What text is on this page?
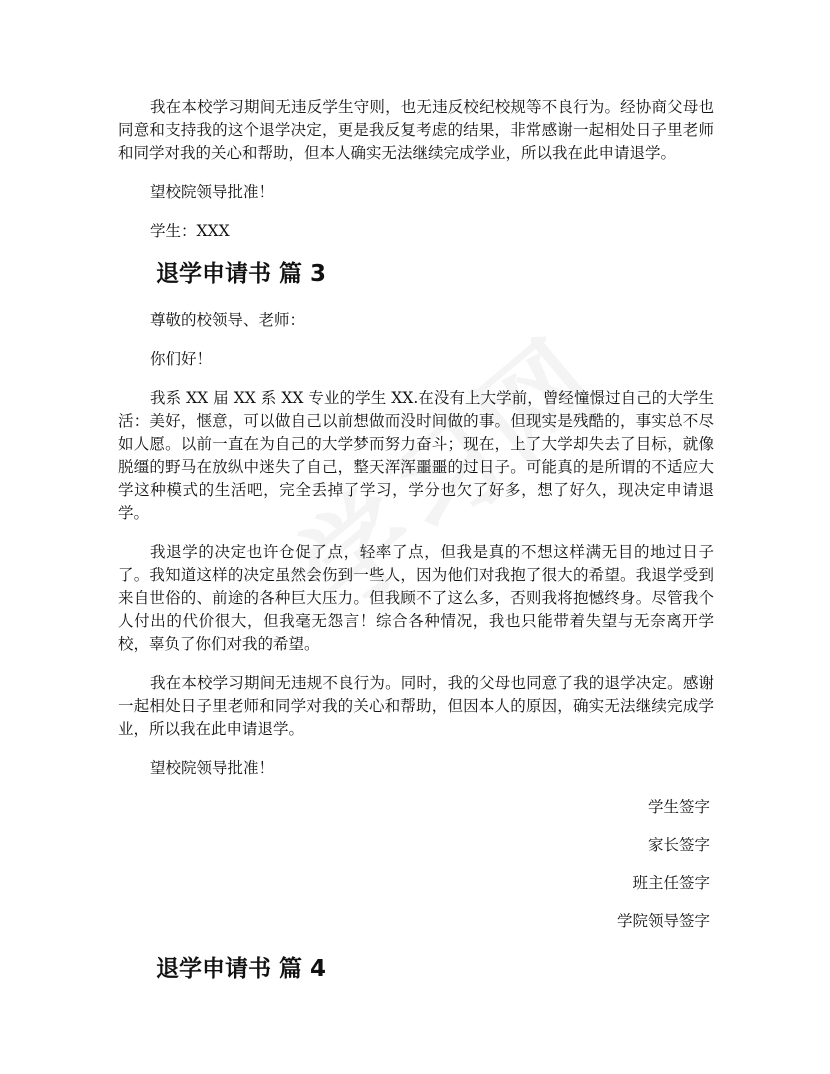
我在本校学习期间无违反学生守则，也无违反校纪校规等不良行为。经协商父母也同意和支持我的这个退学决定，更是我反复考虑的结果，非常感谢一起相处日子里老师和同学对我的关心和帮助，但本人确实无法继续完成学业，所以我在此申请退学。

望校院领导批准！

学生：XXX

退学申请书 篇 3

尊敬的校领导、老师：

你们好！

我系 XX 届 XX 系 XX 专业的学生 XX.在没有上大学前，曾经憧憬过自己的大学生活：美好，惬意，可以做自己以前想做而没时间做的事。但现实是残酷的，事实总不尽如人愿。以前一直在为自己的大学梦而努力奋斗；现在，上了大学却失去了目标，就像脱缰的野马在放纵中迷失了自己，整天浑浑噩噩的过日子。可能真的是所谓的不适应大学这种模式的生活吧，完全丢掉了学习，学分也欠了好多，想了好久，现决定申请退学。

我退学的决定也许仓促了点，轻率了点，但我是真的不想这样满无目的地过日子了。我知道这样的决定虽然会伤到一些人，因为他们对我抱了很大的希望。我退学受到来自世俗的、前途的各种巨大压力。但我顾不了这么多，否则我将抱憾终身。尽管我个人付出的代价很大，但我毫无怨言！综合各种情况，我也只能带着失望与无奈离开学校，辜负了你们对我的希望。

我在本校学习期间无违规不良行为。同时，我的父母也同意了我的退学决定。感谢一起相处日子里老师和同学对我的关心和帮助，但因本人的原因，确实无法继续完成学业，所以我在此申请退学。

望校院领导批准！

学生签字

家长签字

班主任签字

学院领导签字

退学申请书 篇 4
